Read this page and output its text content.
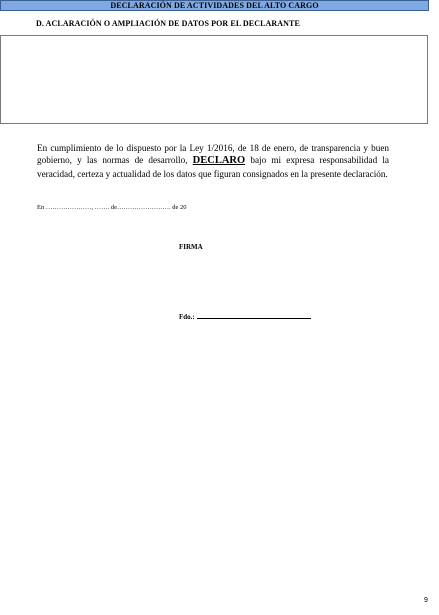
DECLARACIÓN DE ACTIVIDADES DEL ALTO CARGO
D. ACLARACIÓN O AMPLIACIÓN DE DATOS POR EL DECLARANTE
En cumplimiento de lo dispuesto por la Ley 1/2016, de 18 de enero, de transparencia y buen gobierno, y las normas de desarrollo, DECLARO bajo mi expresa responsabilidad la veracidad, certeza y actualidad de los datos que figuran consignados en la presente declaración.
En …………………, ……. de……………………. de 20
FIRMA
Fdo.:
9
